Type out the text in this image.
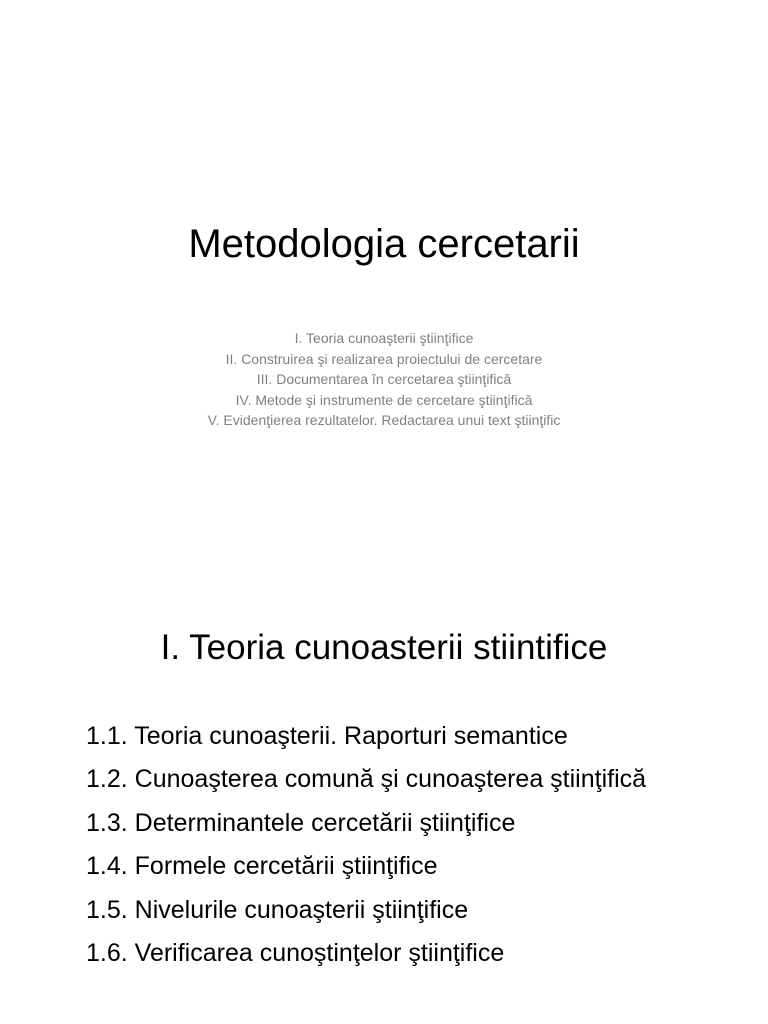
Metodologia cercetarii
I. Teoria cunoaşterii ştiinţifice
II. Construirea şi realizarea proiectului de cercetare
III. Documentarea în cercetarea ştiinţifică
IV. Metode şi instrumente de cercetare ştiinţifică
V. Evidenţierea rezultatelor. Redactarea unui text ştiinţific
I. Teoria cunoasterii stiintifice
1.1. Teoria cunoaşterii. Raporturi semantice
1.2. Cunoaşterea comună şi cunoaşterea ştiinţifică
1.3. Determinantele cercetării ştiinţifice
1.4. Formele cercetării ştiinţifice
1.5. Nivelurile cunoaşterii ştiinţifice
1.6. Verificarea cunoştinţelor ştiinţifice
